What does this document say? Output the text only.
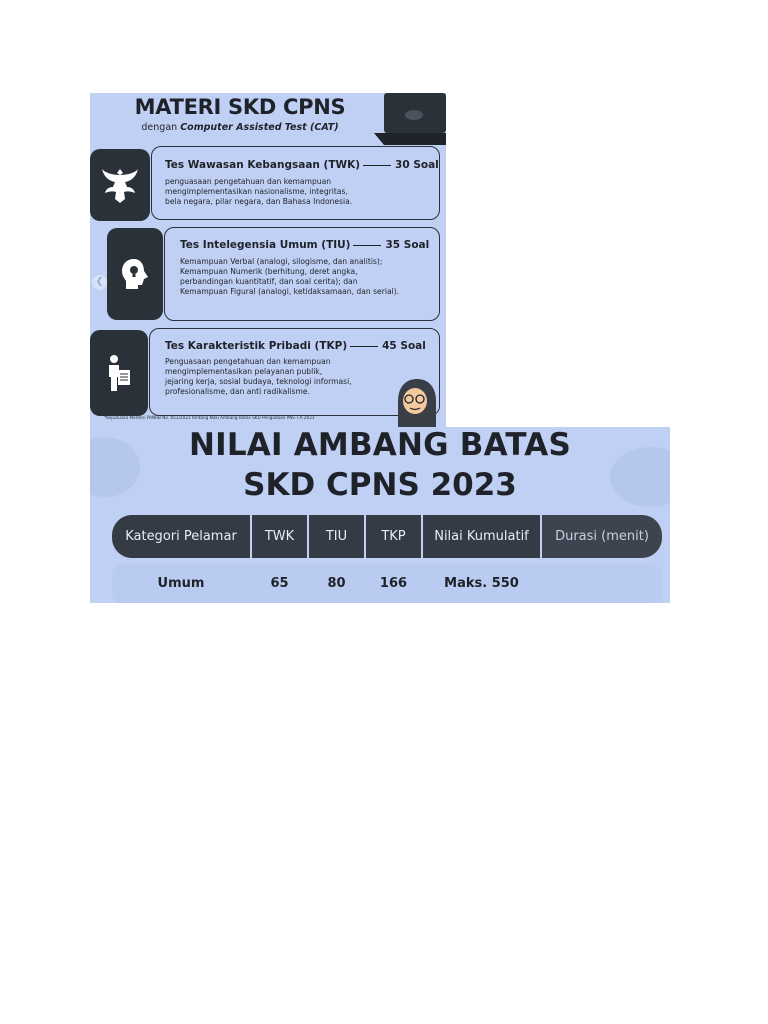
MATERI SKD CPNS
dengan Computer Assisted Test (CAT)
❮
Tes Wawasan Kebangsaan (TWK)	30 Soal
penguasaan pengetahuan dan kemampuan
mengimplementasikan nasionalisme, integritas,
bela negara, pilar negara, dan Bahasa Indonesia.
Tes Intelegensia Umum (TIU)	35 Soal
Kemampuan Verbal (analogi, silogisme, dan analitis);
Kemampuan Numerik (berhitung, deret angka,
perbandingan kuantitatif, dan soal cerita); dan
Kemampuan Figural (analogi, ketidaksamaan, dan serial).
Tes Karakteristik Pribadi (TKP)	45 Soal
Penguasaan pengetahuan dan kemampuan
mengimplementasikan pelayanan publik,
jejaring kerja, sosial budaya, teknologi informasi,
profesionalisme, dan anti radikalisme.
*Keputusan Menteri PANRB No. 651/2023 tentang Nilai Ambang Batas SKD Pengadaan PNS T.A 2023
NILAI AMBANG BATAS
SKD CPNS 2023
Kategori Pelamar	TWK	TIU	TKP	Nilai Kumulatif	Durasi (menit)
Umum	65	80	166	Maks. 550
